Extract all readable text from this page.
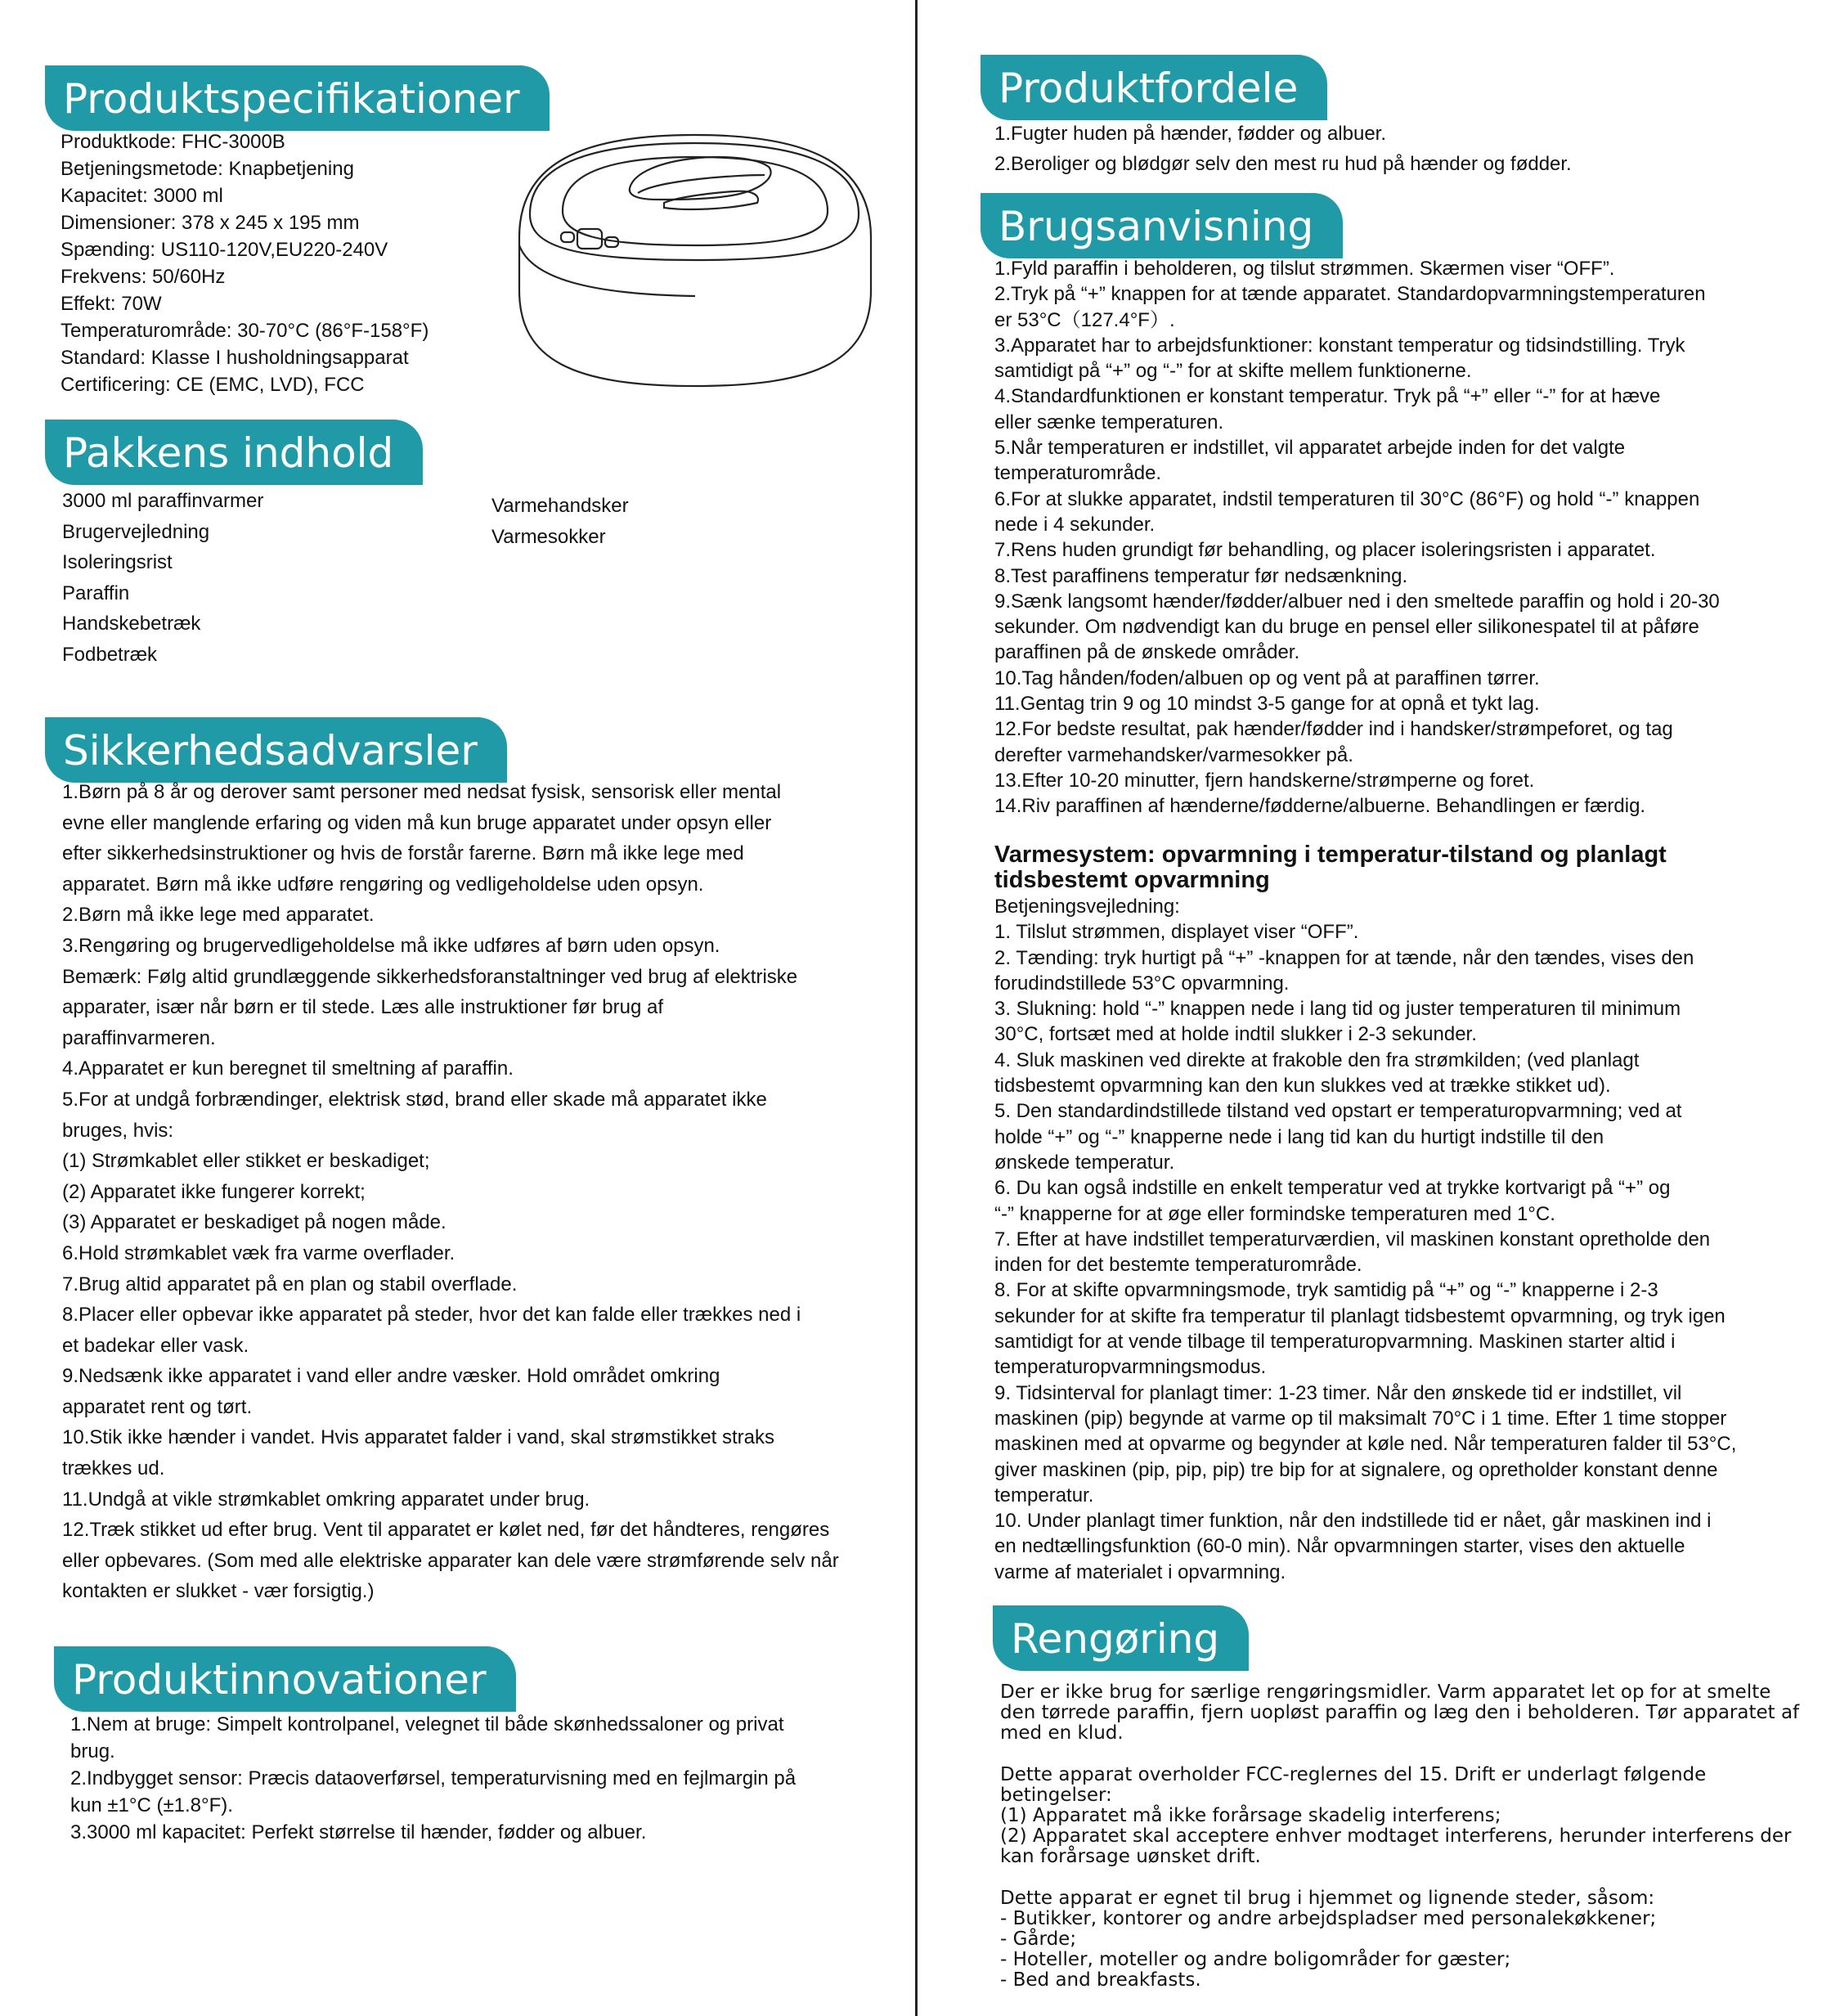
Produktspecifikationer
Produktkode: FHC-3000B
Betjeningsmetode: Knapbetjening
Kapacitet: 3000 ml
Dimensioner: 378 x 245 x 195 mm
Spænding: US110-120V,EU220-240V
Frekvens: 50/60Hz
Effekt: 70W
Temperaturområde: 30-70°C (86°F-158°F)
Standard: Klasse I husholdningsapparat
Certificering: CE (EMC, LVD), FCC
Pakkens indhold
3000 ml paraffinvarmer
Brugervejledning
Isoleringsrist
Paraffin
Handskebetræk
Fodbetræk
Varmehandsker
Varmesokker
Sikkerhedsadvarsler
1.Børn på 8 år og derover samt personer med nedsat fysisk, sensorisk eller mental
evne eller manglende erfaring og viden må kun bruge apparatet under opsyn eller
efter sikkerhedsinstruktioner og hvis de forstår farerne. Børn må ikke lege med
apparatet. Børn må ikke udføre rengøring og vedligeholdelse uden opsyn.
2.Børn må ikke lege med apparatet.
3.Rengøring og brugervedligeholdelse må ikke udføres af børn uden opsyn.
Bemærk: Følg altid grundlæggende sikkerhedsforanstaltninger ved brug af elektriske
apparater, især når børn er til stede. Læs alle instruktioner før brug af
paraffinvarmeren.
4.Apparatet er kun beregnet til smeltning af paraffin.
5.For at undgå forbrændinger, elektrisk stød, brand eller skade må apparatet ikke
bruges, hvis:
(1) Strømkablet eller stikket er beskadiget;
(2) Apparatet ikke fungerer korrekt;
(3) Apparatet er beskadiget på nogen måde.
6.Hold strømkablet væk fra varme overflader.
7.Brug altid apparatet på en plan og stabil overflade.
8.Placer eller opbevar ikke apparatet på steder, hvor det kan falde eller trækkes ned i
et badekar eller vask.
9.Nedsænk ikke apparatet i vand eller andre væsker. Hold området omkring
apparatet rent og tørt.
10.Stik ikke hænder i vandet. Hvis apparatet falder i vand, skal strømstikket straks
trækkes ud.
11.Undgå at vikle strømkablet omkring apparatet under brug.
12.Træk stikket ud efter brug. Vent til apparatet er kølet ned, før det håndteres, rengøres
eller opbevares. (Som med alle elektriske apparater kan dele være strømførende selv når
kontakten er slukket - vær forsigtig.)
Produktinnovationer
1.Nem at bruge: Simpelt kontrolpanel, velegnet til både skønhedssaloner og privat
brug.
2.Indbygget sensor: Præcis dataoverførsel, temperaturvisning med en fejlmargin på
kun ±1°C (±1.8°F).
3.3000 ml kapacitet: Perfekt størrelse til hænder, fødder og albuer.
Produktfordele
1.Fugter huden på hænder, fødder og albuer.
2.Beroliger og blødgør selv den mest ru hud på hænder og fødder.
Brugsanvisning
1.Fyld paraffin i beholderen, og tilslut strømmen. Skærmen viser “OFF”.
2.Tryk på “+” knappen for at tænde apparatet. Standardopvarmningstemperaturen
er 53°C（127.4°F）.
3.Apparatet har to arbejdsfunktioner: konstant temperatur og tidsindstilling. Tryk
samtidigt på “+” og “-” for at skifte mellem funktionerne.
4.Standardfunktionen er konstant temperatur. Tryk på “+” eller “-” for at hæve
eller sænke temperaturen.
5.Når temperaturen er indstillet, vil apparatet arbejde inden for det valgte
temperaturområde.
6.For at slukke apparatet, indstil temperaturen til 30°C (86°F) og hold “-” knappen
nede i 4 sekunder.
7.Rens huden grundigt før behandling, og placer isoleringsristen i apparatet.
8.Test paraffinens temperatur før nedsænkning.
9.Sænk langsomt hænder/fødder/albuer ned i den smeltede paraffin og hold i 20-30
sekunder. Om nødvendigt kan du bruge en pensel eller silikonespatel til at påføre
paraffinen på de ønskede områder.
10.Tag hånden/foden/albuen op og vent på at paraffinen tørrer.
11.Gentag trin 9 og 10 mindst 3-5 gange for at opnå et tykt lag.
12.For bedste resultat, pak hænder/fødder ind i handsker/strømpeforet, og tag
derefter varmehandsker/varmesokker på.
13.Efter 10-20 minutter, fjern handskerne/strømperne og foret.
14.Riv paraffinen af hænderne/fødderne/albuerne. Behandlingen er færdig.
Varmesystem: opvarmning i temperatur-tilstand og planlagt
tidsbestemt opvarmning
Betjeningsvejledning:
1. Tilslut strømmen, displayet viser “OFF”.
2. Tænding: tryk hurtigt på “+” -knappen for at tænde, når den tændes, vises den
forudindstillede 53°C opvarmning.
3. Slukning: hold “-” knappen nede i lang tid og juster temperaturen til minimum
30°C, fortsæt med at holde indtil slukker i 2-3 sekunder.
4. Sluk maskinen ved direkte at frakoble den fra strømkilden; (ved planlagt
tidsbestemt opvarmning kan den kun slukkes ved at trække stikket ud).
5. Den standardindstillede tilstand ved opstart er temperaturopvarmning; ved at
holde “+” og “-” knapperne nede i lang tid kan du hurtigt indstille til den
ønskede temperatur.
6. Du kan også indstille en enkelt temperatur ved at trykke kortvarigt på “+” og
“-” knapperne for at øge eller formindske temperaturen med 1°C.
7. Efter at have indstillet temperaturværdien, vil maskinen konstant opretholde den
inden for det bestemte temperaturområde.
8. For at skifte opvarmningsmode, tryk samtidig på “+” og “-” knapperne i 2-3
sekunder for at skifte fra temperatur til planlagt tidsbestemt opvarmning, og tryk igen
samtidigt for at vende tilbage til temperaturopvarmning. Maskinen starter altid i
temperaturopvarmningsmodus.
9. Tidsinterval for planlagt timer: 1-23 timer. Når den ønskede tid er indstillet, vil
maskinen (pip) begynde at varme op til maksimalt 70°C i 1 time. Efter 1 time stopper
maskinen med at opvarme og begynder at køle ned. Når temperaturen falder til 53°C,
giver maskinen (pip, pip, pip) tre bip for at signalere, og opretholder konstant denne
temperatur.
10. Under planlagt timer funktion, når den indstillede tid er nået, går maskinen ind i
en nedtællingsfunktion (60-0 min). Når opvarmningen starter, vises den aktuelle
varme af materialet i opvarmning.
Rengøring
Der er ikke brug for særlige rengøringsmidler. Varm apparatet let op for at smelte
den tørrede paraffin, fjern uopløst paraffin og læg den i beholderen. Tør apparatet af
med en klud.
Dette apparat overholder FCC-reglernes del 15. Drift er underlagt følgende
betingelser:
(1) Apparatet må ikke forårsage skadelig interferens;
(2) Apparatet skal acceptere enhver modtaget interferens, herunder interferens der
kan forårsage uønsket drift.
Dette apparat er egnet til brug i hjemmet og lignende steder, såsom:
- Butikker, kontorer og andre arbejdspladser med personalekøkkener;
- Gårde;
- Hoteller, moteller og andre boligområder for gæster;
- Bed and breakfasts.
